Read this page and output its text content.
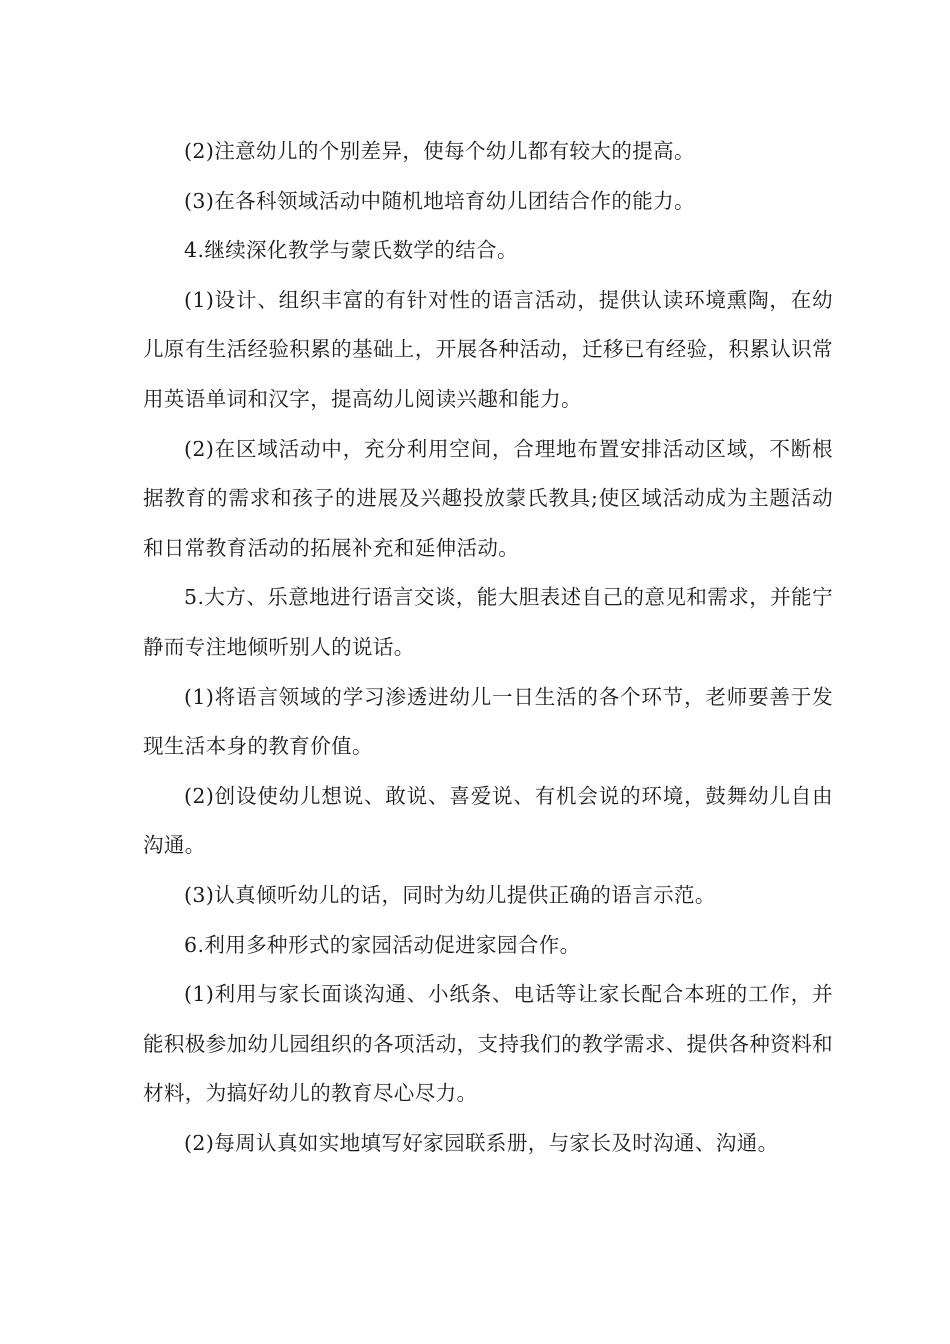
(2)注意幼儿的个别差异，使每个幼儿都有较大的提高。

(3)在各科领域活动中随机地培育幼儿团结合作的能力。

4.继续深化教学与蒙氏数学的结合。

(1)设计、组织丰富的有针对性的语言活动，提供认读环境熏陶，在幼儿原有生活经验积累的基础上，开展各种活动，迁移已有经验，积累认识常用英语单词和汉字，提高幼儿阅读兴趣和能力。

(2)在区域活动中，充分利用空间，合理地布置安排活动区域，不断根据教育的需求和孩子的进展及兴趣投放蒙氏教具;使区域活动成为主题活动和日常教育活动的拓展补充和延伸活动。

5.大方、乐意地进行语言交谈，能大胆表述自己的意见和需求，并能宁静而专注地倾听别人的说话。

(1)将语言领域的学习渗透进幼儿一日生活的各个环节，老师要善于发现生活本身的教育价值。

(2)创设使幼儿想说、敢说、喜爱说、有机会说的环境，鼓舞幼儿自由沟通。

(3)认真倾听幼儿的话，同时为幼儿提供正确的语言示范。

6.利用多种形式的家园活动促进家园合作。

(1)利用与家长面谈沟通、小纸条、电话等让家长配合本班的工作，并能积极参加幼儿园组织的各项活动，支持我们的教学需求、提供各种资料和材料，为搞好幼儿的教育尽心尽力。

(2)每周认真如实地填写好家园联系册，与家长及时沟通、沟通。
